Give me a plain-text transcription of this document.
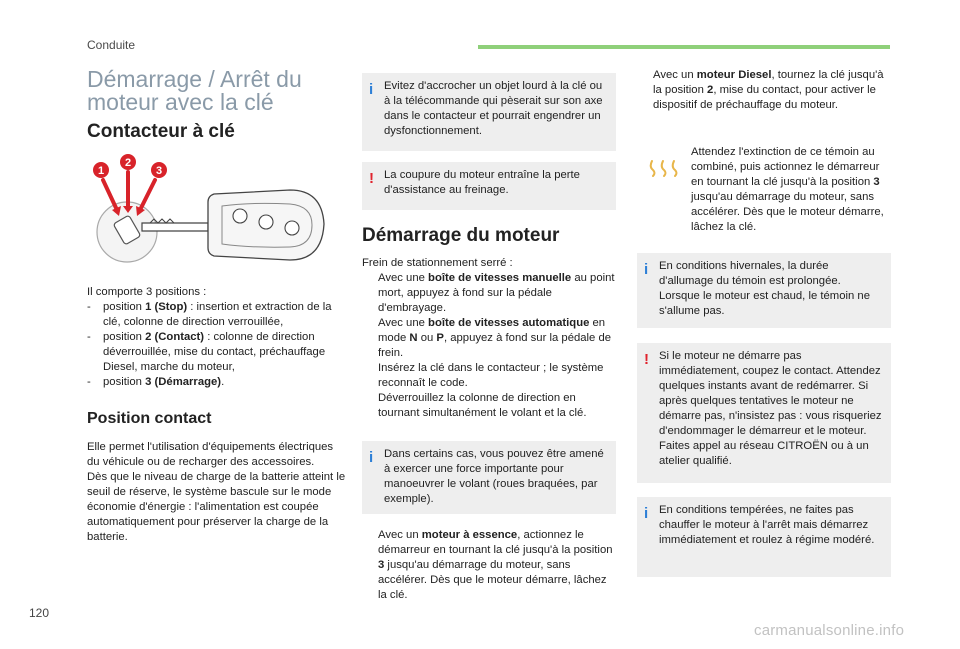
Conduite
Démarrage / Arrêt du moteur avec la clé
Contacteur à clé
1
2
3
Il comporte 3 positions :
-	position 1 (Stop) : insertion et extraction de la clé, colonne de direction verrouillée,
-	position 2 (Contact) : colonne de direction déverrouillée, mise du contact, préchauffage Diesel, marche du moteur,
-	position 3 (Démarrage).
Position contact
Elle permet l'utilisation d'équipements électriques du véhicule ou de recharger des accessoires.
Dès que le niveau de charge de la batterie atteint le seuil de réserve, le système bascule sur le mode économie d'énergie : l'alimentation est coupée automatiquement pour préserver la charge de la batterie.
i Evitez d'accrocher un objet lourd à la clé ou à la télécommande qui pèserait sur son axe dans le contacteur et pourrait engendrer un dysfonctionnement.
! La coupure du moteur entraîne la perte d'assistance au freinage.
Démarrage du moteur
Frein de stationnement serré :
Avec une boîte de vitesses manuelle au point mort, appuyez à fond sur la pédale d'embrayage.
Avec une boîte de vitesses automatique en mode N ou P, appuyez à fond sur la pédale de frein.
Insérez la clé dans le contacteur ; le système reconnaît le code.
Déverrouillez la colonne de direction en tournant simultanément le volant et la clé.
i Dans certains cas, vous pouvez être amené à exercer une force importante pour manoeuvrer le volant (roues braquées, par exemple).
Avec un moteur à essence, actionnez le démarreur en tournant la clé jusqu'à la position 3 jusqu'au démarrage du moteur, sans accélérer. Dès que le moteur démarre, lâchez la clé.
Avec un moteur Diesel, tournez la clé jusqu'à la position 2, mise du contact, pour activer le dispositif de préchauffage du moteur.
Attendez l'extinction de ce témoin au combiné, puis actionnez le démarreur en tournant la clé jusqu'à la position 3 jusqu'au démarrage du moteur, sans accélérer. Dès que le moteur démarre, lâchez la clé.
i En conditions hivernales, la durée d'allumage du témoin est prolongée. Lorsque le moteur est chaud, le témoin ne s'allume pas.
! Si le moteur ne démarre pas immédiatement, coupez le contact. Attendez quelques instants avant de redémarrer. Si après quelques tentatives le moteur ne démarre pas, n'insistez pas : vous risqueriez d'endommager le démarreur et le moteur. Faites appel au réseau CITROËN ou à un atelier qualifié.
i En conditions tempérées, ne faites pas chauffer le moteur à l'arrêt mais démarrez immédiatement et roulez à régime modéré.
120
carmanualsonline.info
